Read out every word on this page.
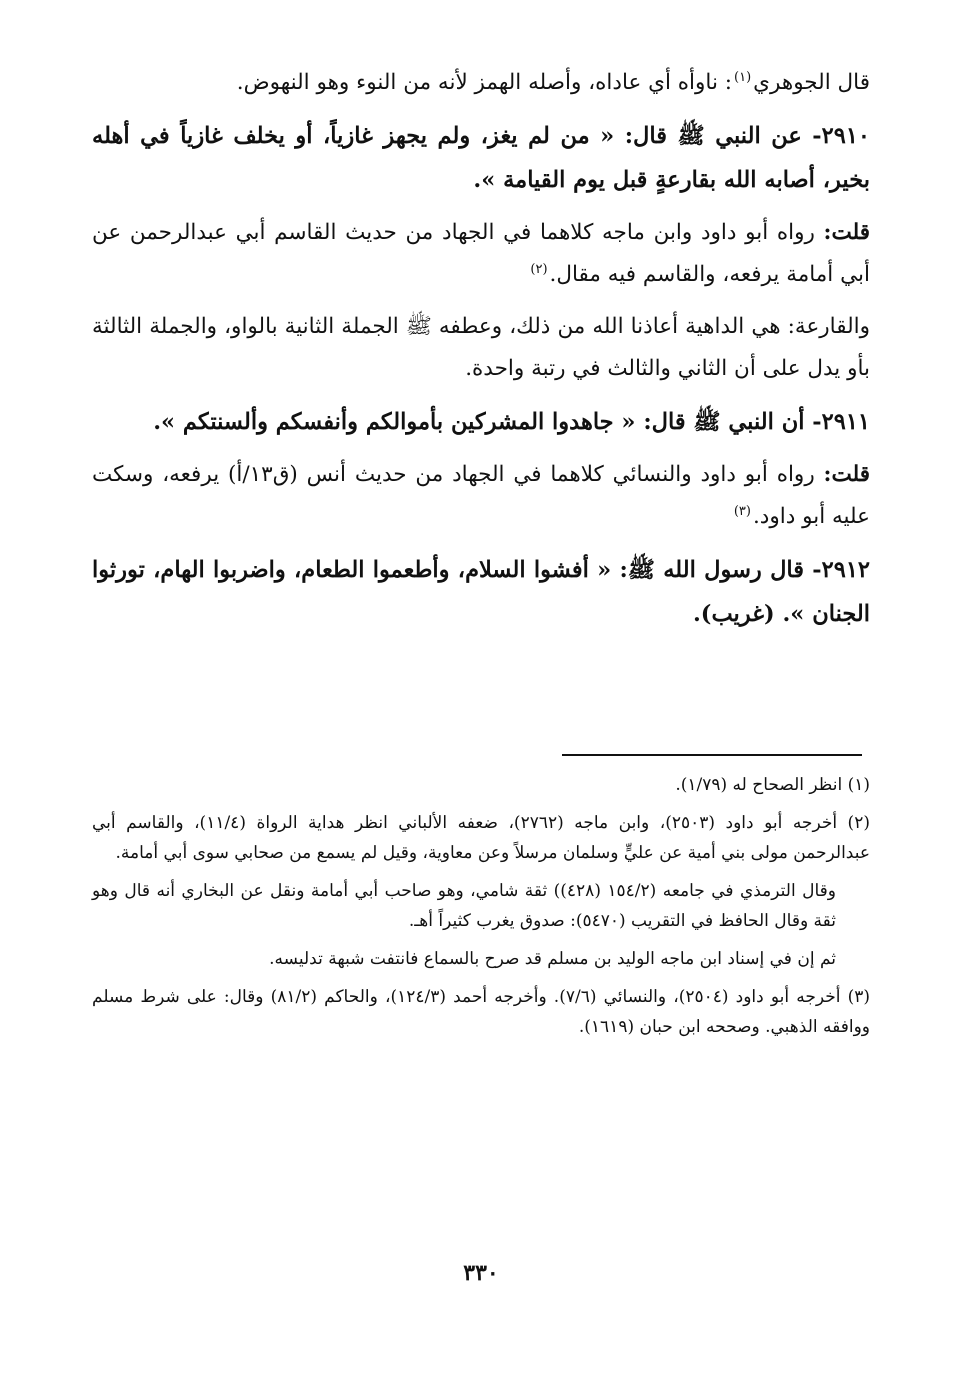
قال الجوهري$^{(١)}$: ناوأه أي عاداه، وأصله الهمز لأنه من النوء وهو النهوض.

٢٩١٠- عن النبي ﷺ قال: « من لم يغز، ولم يجهز غازياً، أو يخلف غازياً في أهله بخير، أصابه الله بقارعةٍ قبل يوم القيامة ».

قلت: رواه أبو داود وابن ماجه كلاهما في الجهاد من حديث القاسم أبي عبدالرحمن عن أبي أمامة يرفعه، والقاسم فيه مقال.$^{(٢)}$

والقارعة: هي الداهية أعاذنا الله من ذلك، وعطفه ﷺ الجملة الثانية بالواو، والجملة الثالثة بأو يدل على أن الثاني والثالث في رتبة واحدة.

٢٩١١- أن النبي ﷺ قال: « جاهدوا المشركين بأموالكم وأنفسكم وألسنتكم ».

قلت: رواه أبو داود والنسائي كلاهما في الجهاد من حديث أنس (ق١٣/أ) يرفعه، وسكت عليه أبو داود.$^{(٣)}$

٢٩١٢- قال رسول الله ﷺ: « أفشوا السلام، وأطعموا الطعام، واضربوا الهام، تورثوا الجنان ». (غريب).

(١) انظر الصحاح له (١/٧٩).

(٢) أخرجه أبو داود (٢٥٠٣)، وابن ماجه (٢٧٦٢)، ضعفه الألباني انظر هداية الرواة (١١/٤)، والقاسم أبي عبدالرحمن مولى بني أمية عن عليٍّ وسلمان مرسلاً وعن معاوية، وقيل لم يسمع من صحابي سوى أبي أمامة.

وقال الترمذي في جامعه (١٥٤/٢ (٤٢٨)) ثقة شامي، وهو صاحب أبي أمامة ونقل عن البخاري أنه قال وهو ثقة وقال الحافظ في التقريب (٥٤٧٠): صدوق يغرب كثيراً أهـ.

ثم إن في إسناد ابن ماجه الوليد بن مسلم قد صرح بالسماع فانتفت شبهة تدليسه.

(٣) أخرجه أبو داود (٢٥٠٤)، والنسائي (٧/٦). وأخرجه أحمد (١٢٤/٣)، والحاكم (٨١/٢) وقال: على شرط مسلم ووافقه الذهبي. وصححه ابن حبان (١٦١٩).

٣٣٠
